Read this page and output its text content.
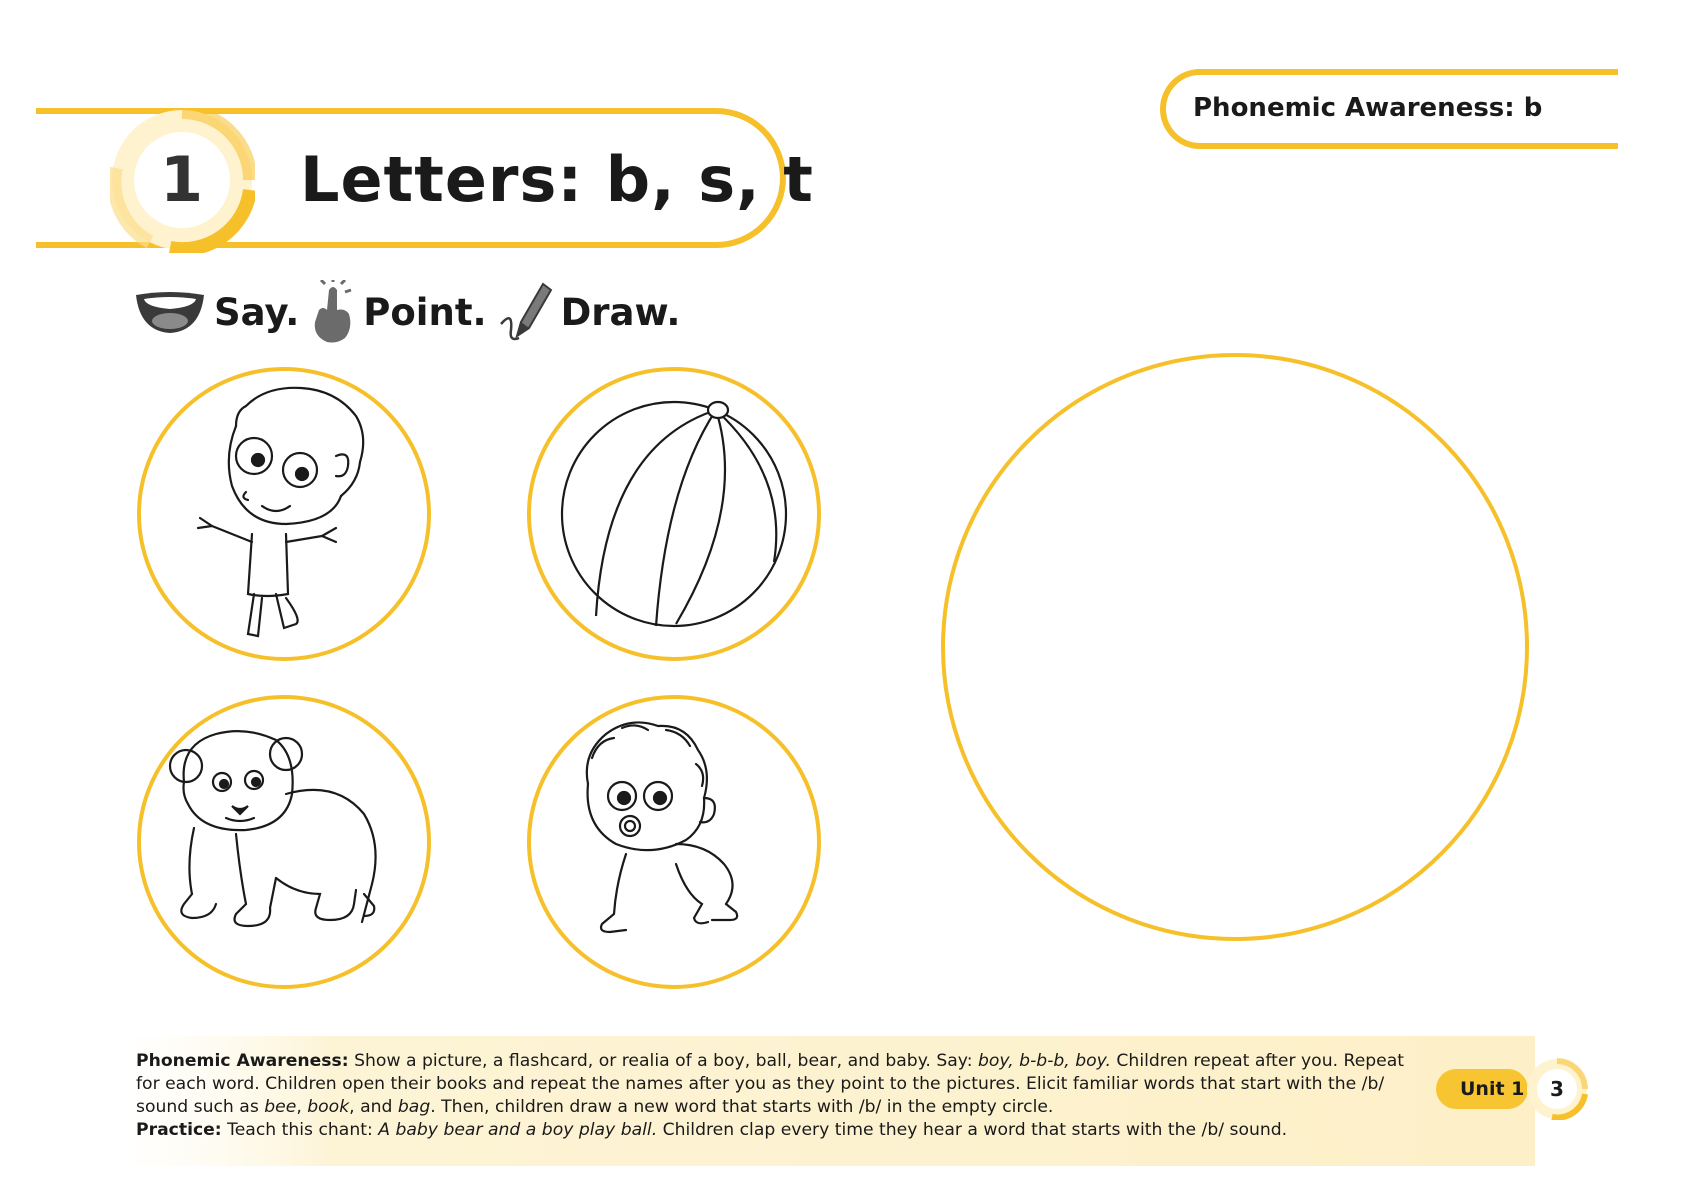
1 Letters: b, s, t
Phonemic Awareness: b
Say. Point. Draw.

Phonemic Awareness: Show a picture, a flashcard, or realia of a boy, ball, bear, and baby. Say: boy, b-b-b, boy. Children repeat after you. Repeat for each word. Children open their books and repeat the names after you as they point to the pictures. Elicit familiar words that start with the /b/ sound such as bee, book, and bag. Then, children draw a new word that starts with /b/ in the empty circle.

Practice: Teach this chant: A baby bear and a boy play ball. Children clap every time they hear a word that starts with the /b/ sound.

Unit 1	3
